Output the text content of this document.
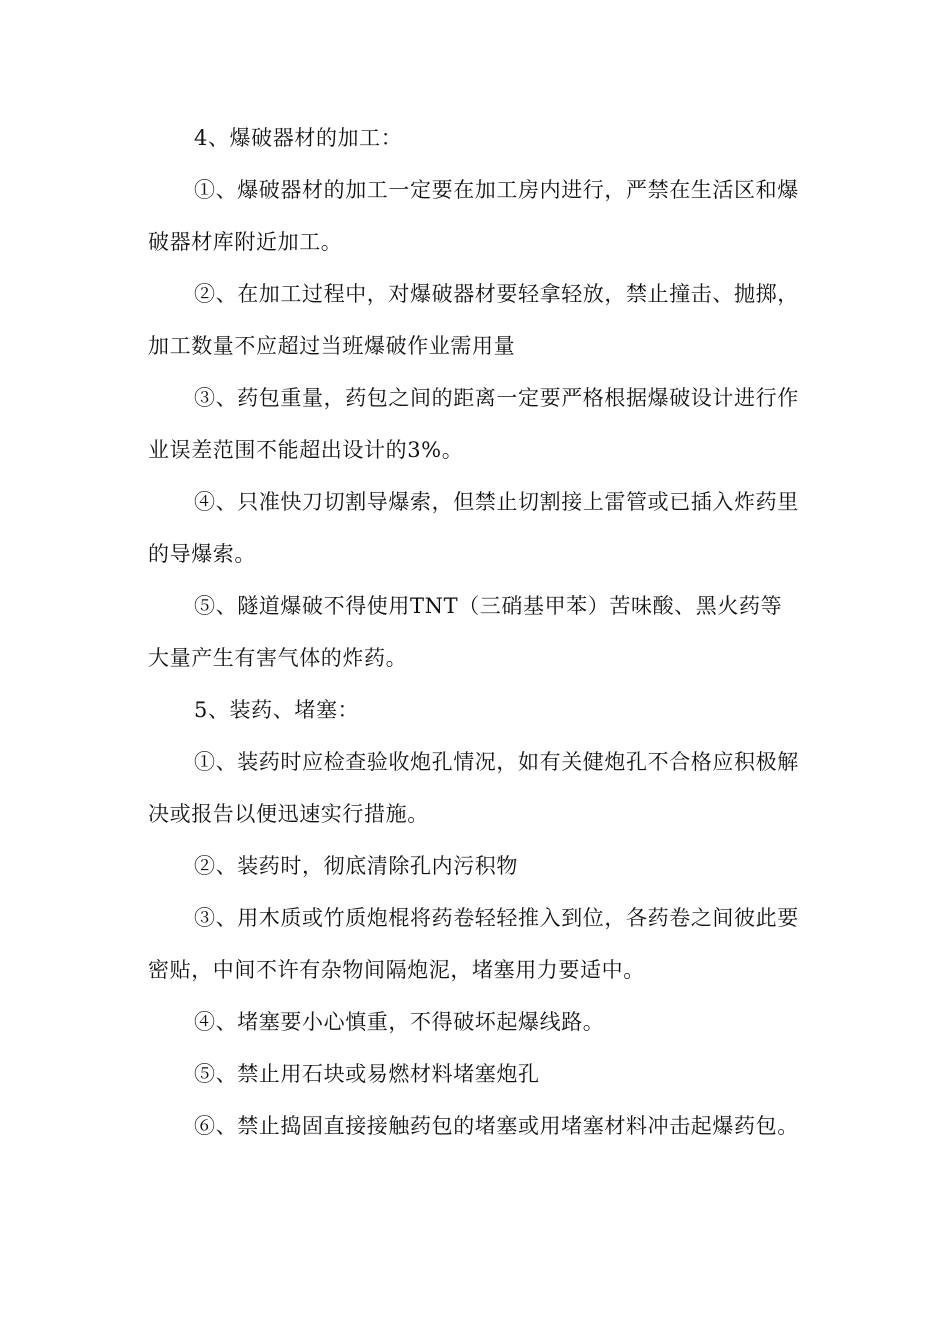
4、爆破器材的加工：

①、爆破器材的加工一定要在加工房内进行，严禁在生活区和爆破器材库附近加工。

②、在加工过程中，对爆破器材要轻拿轻放，禁止撞击、抛掷，加工数量不应超过当班爆破作业需用量

③、药包重量，药包之间的距离一定要严格根据爆破设计进行作业误差范围不能超出设计的3%。

④、只准快刀切割导爆索，但禁止切割接上雷管或已插入炸药里的导爆索。

⑤、隧道爆破不得使用TNT（三硝基甲苯）苦味酸、黑火药等大量产生有害气体的炸药。

5、装药、堵塞：

①、装药时应检查验收炮孔情况，如有关健炮孔不合格应积极解决或报告以便迅速实行措施。

②、装药时，彻底清除孔内污积物

③、用木质或竹质炮棍将药卷轻轻推入到位，各药卷之间彼此要密贴，中间不许有杂物间隔炮泥，堵塞用力要适中。

④、堵塞要小心慎重，不得破坏起爆线路。

⑤、禁止用石块或易燃材料堵塞炮孔

⑥、禁止捣固直接接触药包的堵塞或用堵塞材料冲击起爆药包。
